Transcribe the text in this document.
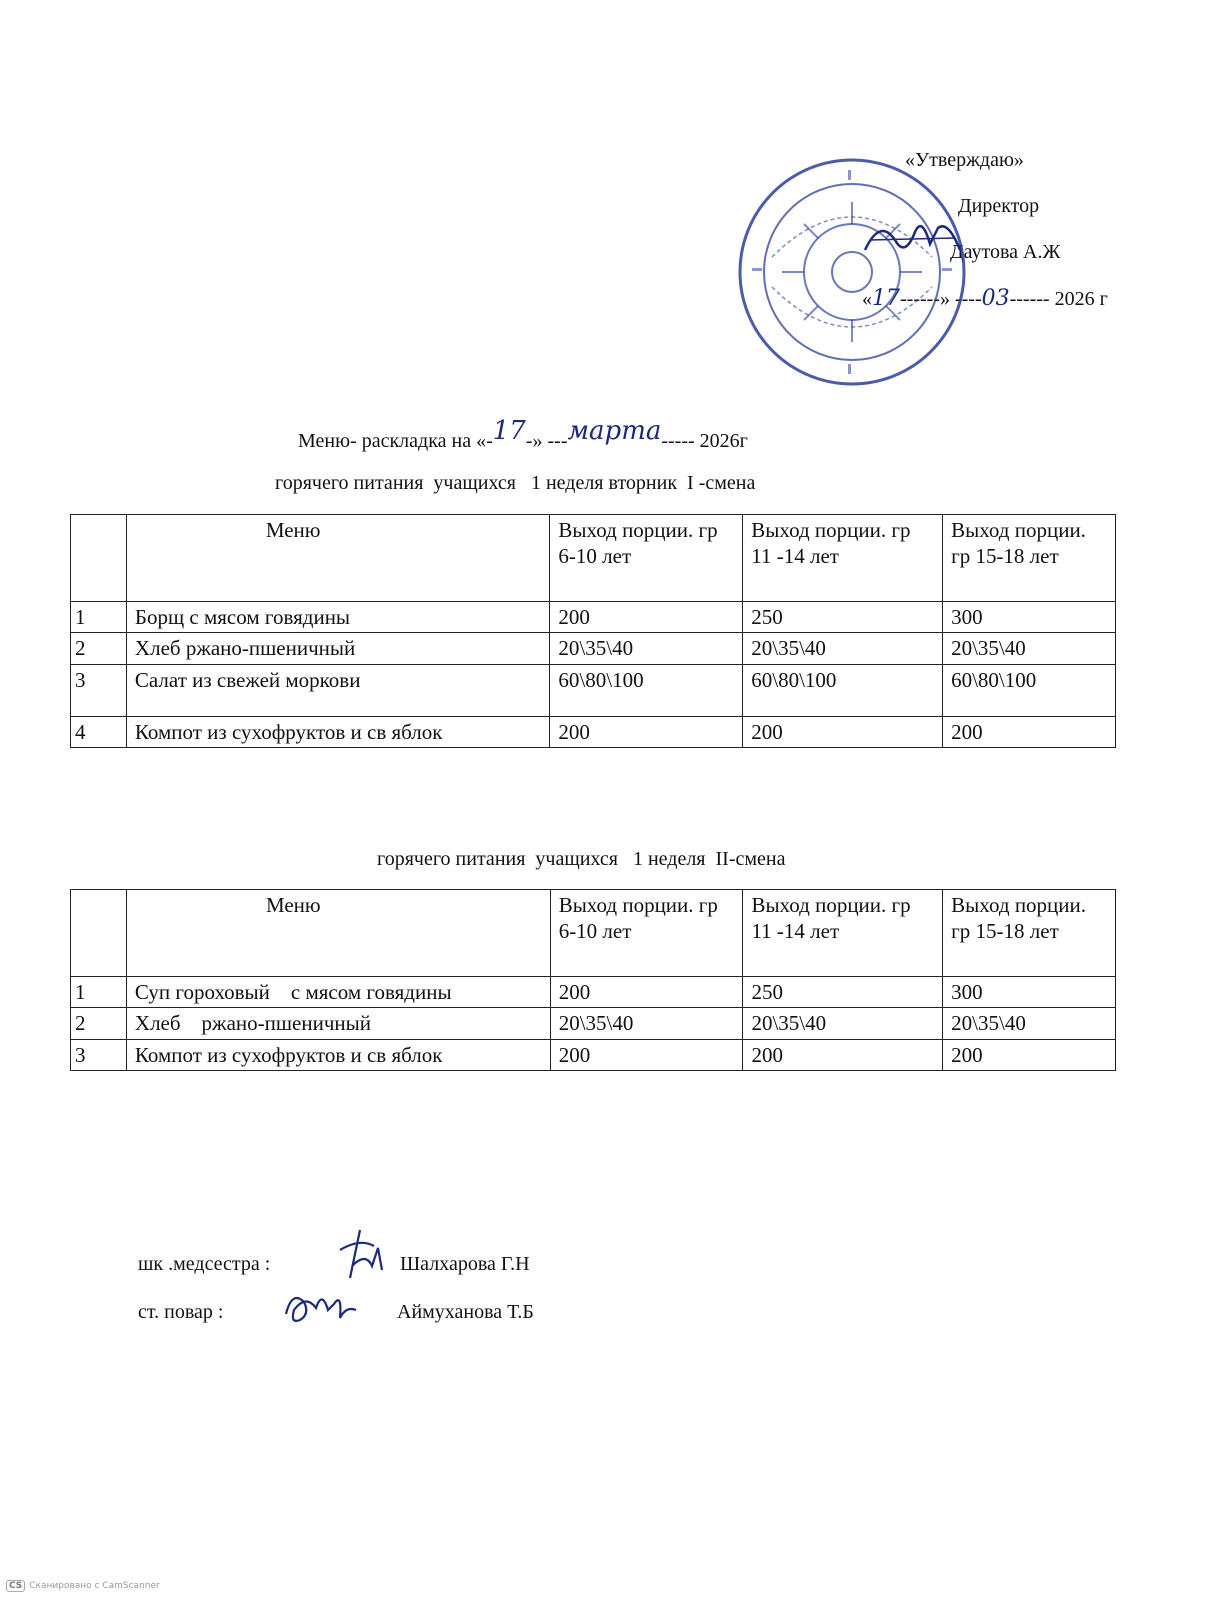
«Утверждаю»
Директор
Даутова А.Ж
«17------» ----03------ 2026 г
Меню- раскладка на «-17-» ---марта----- 2026г
горячего питания  учащихся   1 неделя вторник  I -смена
	Меню	Выход порции. гр 6-10 лет	Выход порции. гр 11 -14 лет	Выход порции. гр 15-18 лет
1	Борщ с мясом говядины	200	250	300
2	Хлеб ржано-пшеничный	20\35\40	20\35\40	20\35\40
3	Салат из свежей моркови	60\80\100	60\80\100	60\80\100
4	Компот из сухофруктов и св яблок	200	200	200
горячего питания  учащихся   1 неделя  II-смена
	Меню	Выход порции. гр 6-10 лет	Выход порции. гр 11 -14 лет	Выход порции. гр 15-18 лет
1	Суп гороховый    с мясом говядины	200	250	300
2	Хлеб    ржано-пшеничный	20\35\40	20\35\40	20\35\40
3	Компот из сухофруктов и св яблок	200	200	200
шк .медсестра :	Шалхарова Г.Н
ст. повар :	Аймуханова Т.Б
CS Сканировано с CamScanner
